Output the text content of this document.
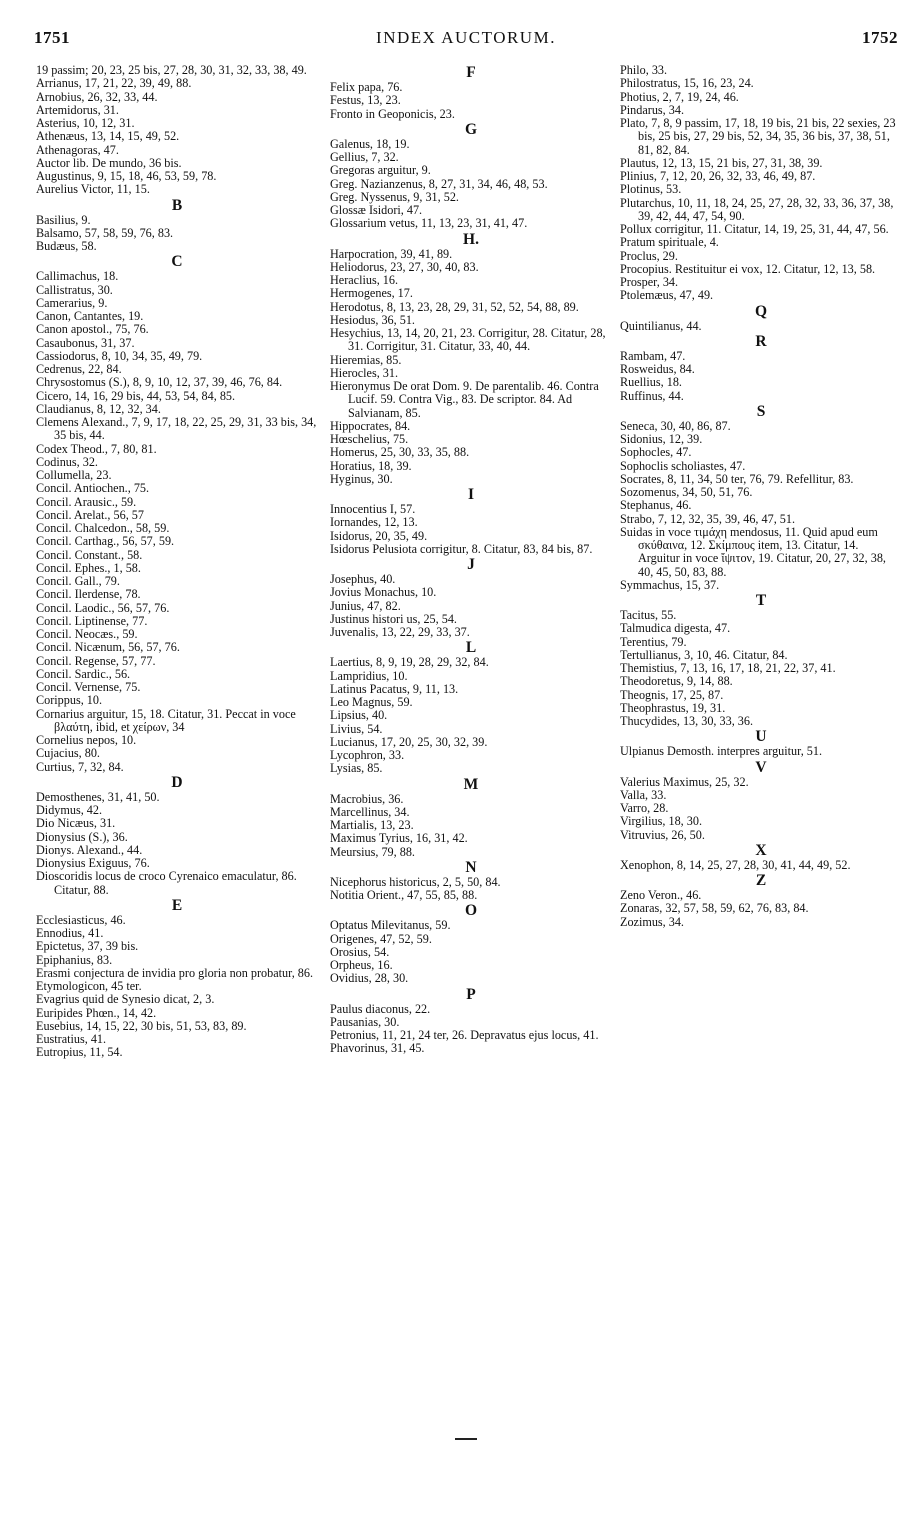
1751	INDEX AUCTORUM.	1752

19 passim; 20, 23, 25 bis, 27, 28, 30, 31, 32, 33, 38, 49.

Arrianus, 17, 21, 22, 39, 49, 88.

Arnobius, 26, 32, 33, 44.

Artemidorus, 31.

Asterius, 10, 12, 31.

Athenæus, 13, 14, 15, 49, 52.

Athenagoras, 47.

Auctor lib. De mundo, 36 bis.

Augustinus, 9, 15, 18, 46, 53, 59, 78.

Aurelius Victor, 11, 15.

B

Basilius, 9.

Balsamo, 57, 58, 59, 76, 83.

Budæus, 58.

C

Callimachus, 18.

Callistratus, 30.

Camerarius, 9.

Canon, Cantantes, 19.

Canon apostol., 75, 76.

Casaubonus, 31, 37.

Cassiodorus, 8, 10, 34, 35, 49, 79.

Cedrenus, 22, 84.

Chrysostomus (S.), 8, 9, 10, 12, 37, 39, 46, 76, 84.

Cicero, 14, 16, 29 bis, 44, 53, 54, 84, 85.

Claudianus, 8, 12, 32, 34.

Clemens Alexand., 7, 9, 17, 18, 22, 25, 29, 31, 33 bis, 34, 35 bis, 44.

Codex Theod., 7, 80, 81.

Codinus, 32.

Collumella, 23.

Concil. Antiochen., 75.

Concil. Arausic., 59.

Concil. Arelat., 56, 57

Concil. Chalcedon., 58, 59.

Concil. Carthag., 56, 57, 59.

Concil. Constant., 58.

Concil. Ephes., 1, 58.

Concil. Gall., 79.

Concil. Ilerdense, 78.

Concil. Laodic., 56, 57, 76.

Concil. Liptinense, 77.

Concil. Neocæs., 59.

Concil. Nicænum, 56, 57, 76.

Concil. Regense, 57, 77.

Concil. Sardic., 56.

Concil. Vernense, 75.

Corippus, 10.

Cornarius arguitur, 15, 18. Citatur, 31. Peccat in voce βλαύτη, ibid, et χείρων, 34

Cornelius nepos, 10.

Cujacius, 80.

Curtius, 7, 32, 84.

D

Demosthenes, 31, 41, 50.

Didymus, 42.

Dio Nicæus, 31.

Dionysius (S.), 36.

Dionys. Alexand., 44.

Dionysius Exiguus, 76.

Dioscoridis locus de croco Cyrenaico emaculatur, 86. Citatur, 88.

E

Ecclesiasticus, 46.

Ennodius, 41.

Epictetus, 37, 39 bis.

Epiphanius, 83.

Erasmi conjectura de invidia pro gloria non probatur, 86.

Etymologicon, 45 ter.

Evagrius quid de Synesio dicat, 2, 3.

Euripides Phœn., 14, 42.

Eusebius, 14, 15, 22, 30 bis, 51, 53, 83, 89.

Eustratius, 41.

Eutropius, 11, 54.

F

Felix papa, 76.

Festus, 13, 23.

Fronto in Geoponicis, 23.

G

Galenus, 18, 19.

Gellius, 7, 32.

Gregoras arguitur, 9.

Greg. Nazianzenus, 8, 27, 31, 34, 46, 48, 53.

Greg. Nyssenus, 9, 31, 52.

Glossæ Isidori, 47.

Glossarium vetus, 11, 13, 23, 31, 41, 47.

H.

Harpocration, 39, 41, 89.

Heliodorus, 23, 27, 30, 40, 83.

Heraclius, 16.

Hermogenes, 17.

Herodotus, 8, 13, 23, 28, 29, 31, 52, 52, 54, 88, 89.

Hesiodus, 36, 51.

Hesychius, 13, 14, 20, 21, 23. Corrigitur, 28. Citatur, 28, 31. Corrigitur, 31. Citatur, 33, 40, 44.

Hieremias, 85.

Hierocles, 31.

Hieronymus De orat Dom. 9. De parentalib. 46. Contra Lucif. 59. Contra Vig., 83. De scriptor. 84. Ad Salvianam, 85.

Hippocrates, 84.

Hœschelius, 75.

Homerus, 25, 30, 33, 35, 88.

Horatius, 18, 39.

Hyginus, 30.

I

Innocentius I, 57.

Iornandes, 12, 13.

Isidorus, 20, 35, 49.

Isidorus Pelusiota corrigitur, 8. Citatur, 83, 84 bis, 87.

J

Josephus, 40.

Jovius Monachus, 10.

Junius, 47, 82.

Justinus histori us, 25, 54.

Juvenalis, 13, 22, 29, 33, 37.

L

Laertius, 8, 9, 19, 28, 29, 32, 84.

Lampridius, 10.

Latinus Pacatus, 9, 11, 13.

Leo Magnus, 59.

Lipsius, 40.

Livius, 54.

Lucianus, 17, 20, 25, 30, 32, 39.

Lycophron, 33.

Lysias, 85.

M

Macrobius, 36.

Marcellinus, 34.

Martialis, 13, 23.

Maximus Tyrius, 16, 31, 42.

Meursius, 79, 88.

N

Nicephorus historicus, 2, 5, 50, 84.

Notitia Orient., 47, 55, 85, 88.

O

Optatus Milevitanus, 59.

Origenes, 47, 52, 59.

Orosius, 54.

Orpheus, 16.

Ovidius, 28, 30.

P

Paulus diaconus, 22.

Pausanias, 30.

Petronius, 11, 21, 24 ter, 26. Depravatus ejus locus, 41.

Phavorinus, 31, 45.

Philo, 33.

Philostratus, 15, 16, 23, 24.

Photius, 2, 7, 19, 24, 46.

Pindarus, 34.

Plato, 7, 8, 9 passim, 17, 18, 19 bis, 21 bis, 22 sexies, 23 bis, 25 bis, 27, 29 bis, 52, 34, 35, 36 bis, 37, 38, 51, 81, 82, 84.

Plautus, 12, 13, 15, 21 bis, 27, 31, 38, 39.

Plinius, 7, 12, 20, 26, 32, 33, 46, 49, 87.

Plotinus, 53.

Plutarchus, 10, 11, 18, 24, 25, 27, 28, 32, 33, 36, 37, 38, 39, 42, 44, 47, 54, 90.

Pollux corrigitur, 11. Citatur, 14, 19, 25, 31, 44, 47, 56.

Pratum spirituale, 4.

Proclus, 29.

Procopius. Restituitur ei vox, 12. Citatur, 12, 13, 58.

Prosper, 34.

Ptolemæus, 47, 49.

Q

Quintilianus, 44.

R

Rambam, 47.

Rosweidus, 84.

Ruellius, 18.

Ruffinus, 44.

S

Seneca, 30, 40, 86, 87.

Sidonius, 12, 39.

Sophocles, 47.

Sophoclis scholiastes, 47.

Socrates, 8, 11, 34, 50 ter, 76, 79. Refellitur, 83.

Sozomenus, 34, 50, 51, 76.

Stephanus, 46.

Strabo, 7, 12, 32, 35, 39, 46, 47, 51.

Suidas in voce τιμάχη mendosus, 11. Quid apud eum σκύθαινα, 12. Σκίμπους item, 13. Citatur, 14. Arguitur in voce ἴψιτον, 19. Citatur, 20, 27, 32, 38, 40, 45, 50, 83, 88.

Symmachus, 15, 37.

T

Tacitus, 55.

Talmudica digesta, 47.

Terentius, 79.

Tertullianus, 3, 10, 46. Citatur, 84.

Themistius, 7, 13, 16, 17, 18, 21, 22, 37, 41.

Theodoretus, 9, 14, 88.

Theognis, 17, 25, 87.

Theophrastus, 19, 31.

Thucydides, 13, 30, 33, 36.

U

Ulpianus Demosth. interpres arguitur, 51.

V

Valerius Maximus, 25, 32.

Valla, 33.

Varro, 28.

Virgilius, 18, 30.

Vitruvius, 26, 50.

X

Xenophon, 8, 14, 25, 27, 28, 30, 41, 44, 49, 52.

Z

Zeno Veron., 46.

Zonaras, 32, 57, 58, 59, 62, 76, 83, 84.

Zozimus, 34.
